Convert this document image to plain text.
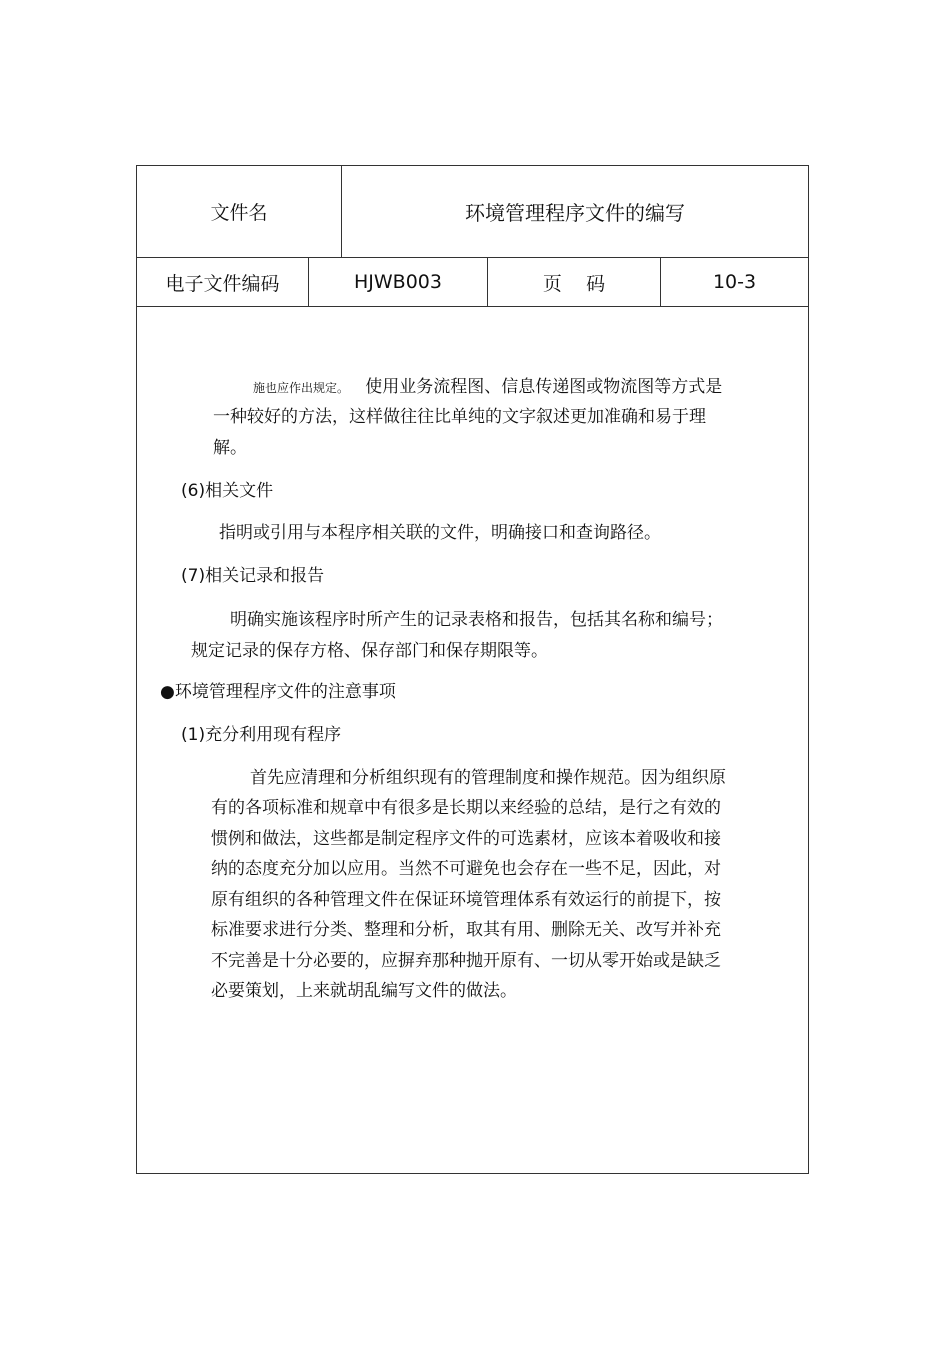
文件名	环境管理程序文件的编写
电子文件编码	HJWB003	页    码	10-3
施也应作出规定。   使用业务流程图、信息传递图或物流图等方式是
一种较好的方法，这样做往往比单纯的文字叙述更加准确和易于理
解。
(6)相关文件
指明或引用与本程序相关联的文件，明确接口和查询路径。
(7)相关记录和报告
明确实施该程序时所产生的记录表格和报告，包括其名称和编号；
规定记录的保存方格、保存部门和保存期限等。
●环境管理程序文件的注意事项
(1)充分利用现有程序
首先应清理和分析组织现有的管理制度和操作规范。因为组织原
有的各项标准和规章中有很多是长期以来经验的总结，是行之有效的
惯例和做法，这些都是制定程序文件的可选素材，应该本着吸收和接
纳的态度充分加以应用。当然不可避免也会存在一些不足，因此，对
原有组织的各种管理文件在保证环境管理体系有效运行的前提下，按
标准要求进行分类、整理和分析，取其有用、删除无关、改写并补充
不完善是十分必要的，应摒弃那种抛开原有、一切从零开始或是缺乏
必要策划，上来就胡乱编写文件的做法。
